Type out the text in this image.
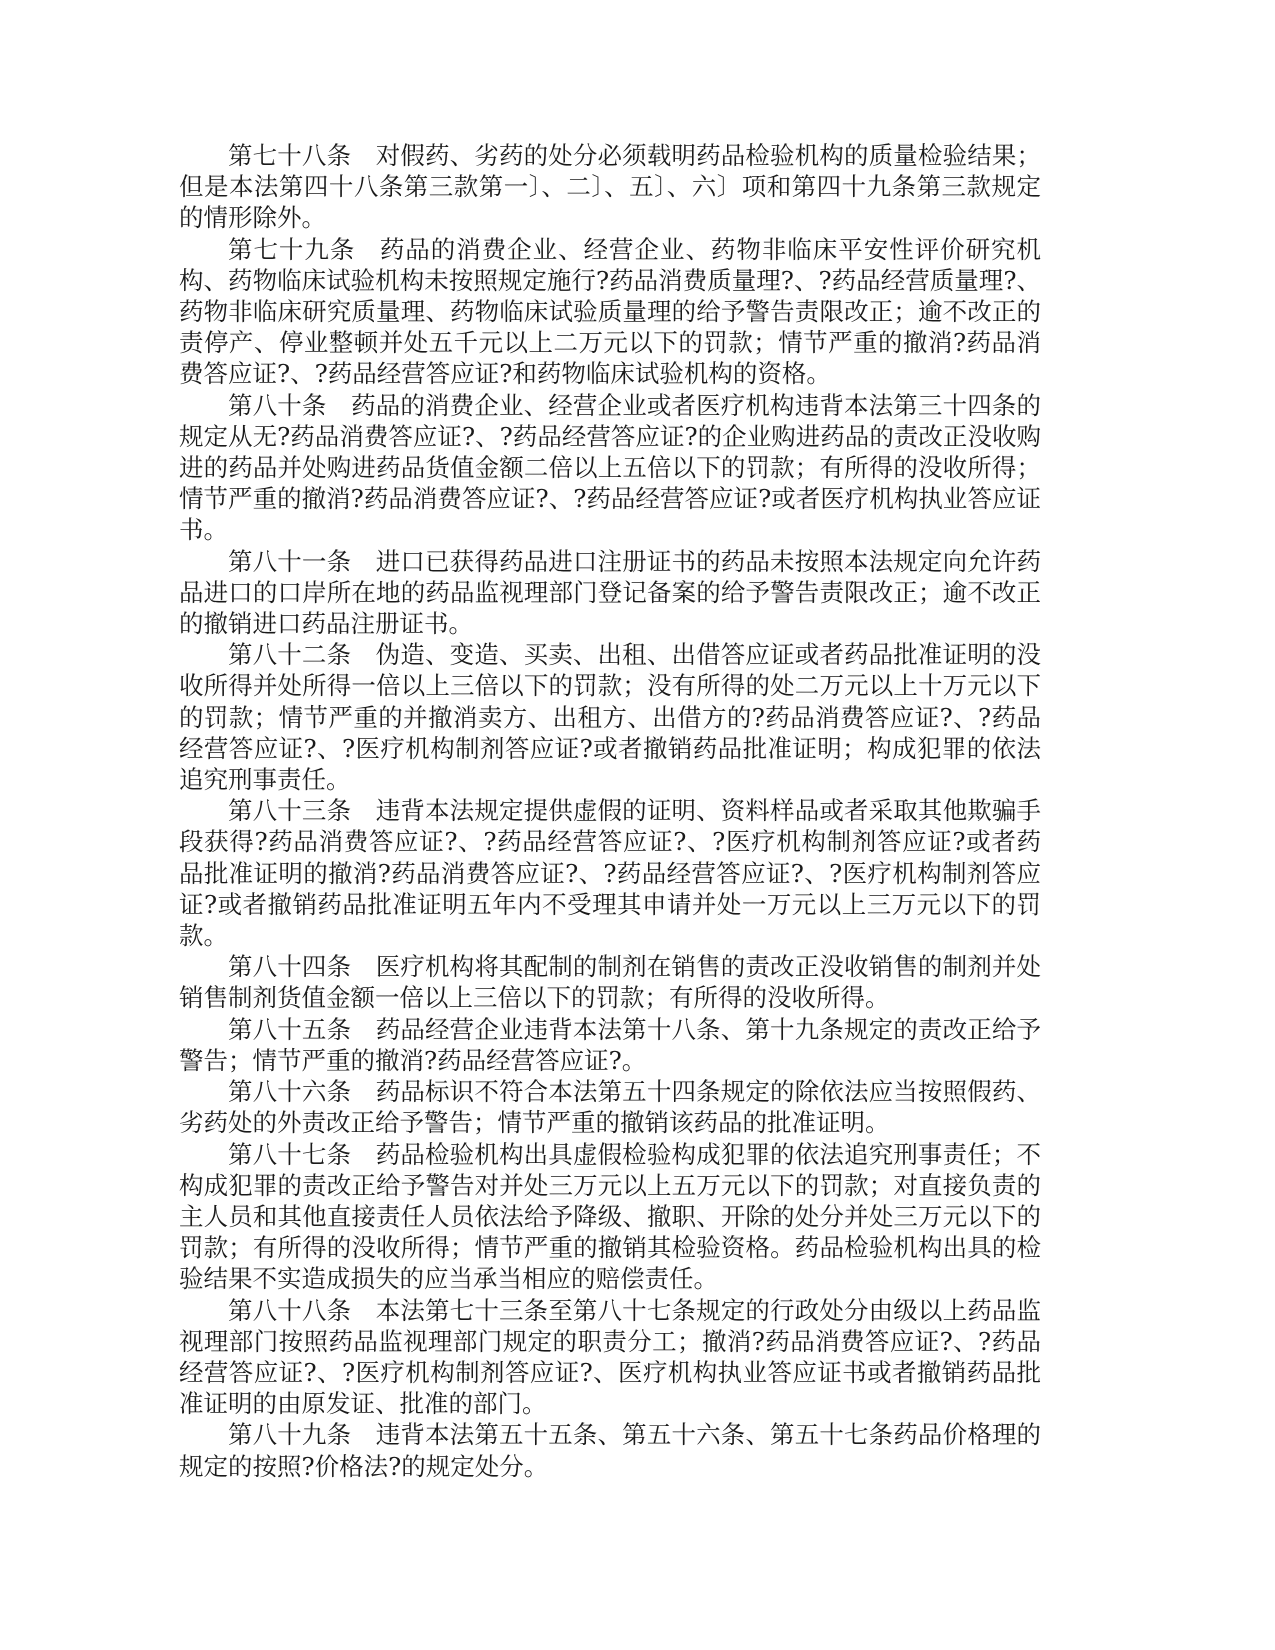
第七十八条 对假药、劣药的处分必须载明药品检验机构的质量检验结果；但是本法第四十八条第三款第一〕、二〕、五〕、六〕项和第四十九条第三款规定的情形除外。

第七十九条 药品的消费企业、经营企业、药物非临床平安性评价研究机构、药物临床试验机构未按照规定施行?药品消费质量理?、?药品经营质量理?、药物非临床研究质量理、药物临床试验质量理的给予警告责限改正；逾不改正的责停产、停业整顿并处五千元以上二万元以下的罚款；情节严重的撤消?药品消费答应证?、?药品经营答应证?和药物临床试验机构的资格。

第八十条 药品的消费企业、经营企业或者医疗机构违背本法第三十四条的规定从无?药品消费答应证?、?药品经营答应证?的企业购进药品的责改正没收购进的药品并处购进药品货值金额二倍以上五倍以下的罚款；有所得的没收所得；情节严重的撤消?药品消费答应证?、?药品经营答应证?或者医疗机构执业答应证书。

第八十一条 进口已获得药品进口注册证书的药品未按照本法规定向允许药品进口的口岸所在地的药品监视理部门登记备案的给予警告责限改正；逾不改正的撤销进口药品注册证书。

第八十二条 伪造、变造、买卖、出租、出借答应证或者药品批准证明的没收所得并处所得一倍以上三倍以下的罚款；没有所得的处二万元以上十万元以下的罚款；情节严重的并撤消卖方、出租方、出借方的?药品消费答应证?、?药品经营答应证?、?医疗机构制剂答应证?或者撤销药品批准证明；构成犯罪的依法追究刑事责任。

第八十三条 违背本法规定提供虚假的证明、资料样品或者采取其他欺骗手段获得?药品消费答应证?、?药品经营答应证?、?医疗机构制剂答应证?或者药品批准证明的撤消?药品消费答应证?、?药品经营答应证?、?医疗机构制剂答应证?或者撤销药品批准证明五年内不受理其申请并处一万元以上三万元以下的罚款。

第八十四条 医疗机构将其配制的制剂在销售的责改正没收销售的制剂并处销售制剂货值金额一倍以上三倍以下的罚款；有所得的没收所得。

第八十五条 药品经营企业违背本法第十八条、第十九条规定的责改正给予警告；情节严重的撤消?药品经营答应证?。

第八十六条 药品标识不符合本法第五十四条规定的除依法应当按照假药、劣药处的外责改正给予警告；情节严重的撤销该药品的批准证明。

第八十七条 药品检验机构出具虚假检验构成犯罪的依法追究刑事责任；不构成犯罪的责改正给予警告对并处三万元以上五万元以下的罚款；对直接负责的主人员和其他直接责任人员依法给予降级、撤职、开除的处分并处三万元以下的罚款；有所得的没收所得；情节严重的撤销其检验资格。药品检验机构出具的检验结果不实造成损失的应当承当相应的赔偿责任。

第八十八条 本法第七十三条至第八十七条规定的行政处分由级以上药品监视理部门按照药品监视理部门规定的职责分工；撤消?药品消费答应证?、?药品经营答应证?、?医疗机构制剂答应证?、医疗机构执业答应证书或者撤销药品批准证明的由原发证、批准的部门。

第八十九条 违背本法第五十五条、第五十六条、第五十七条药品价格理的规定的按照?价格法?的规定处分。
